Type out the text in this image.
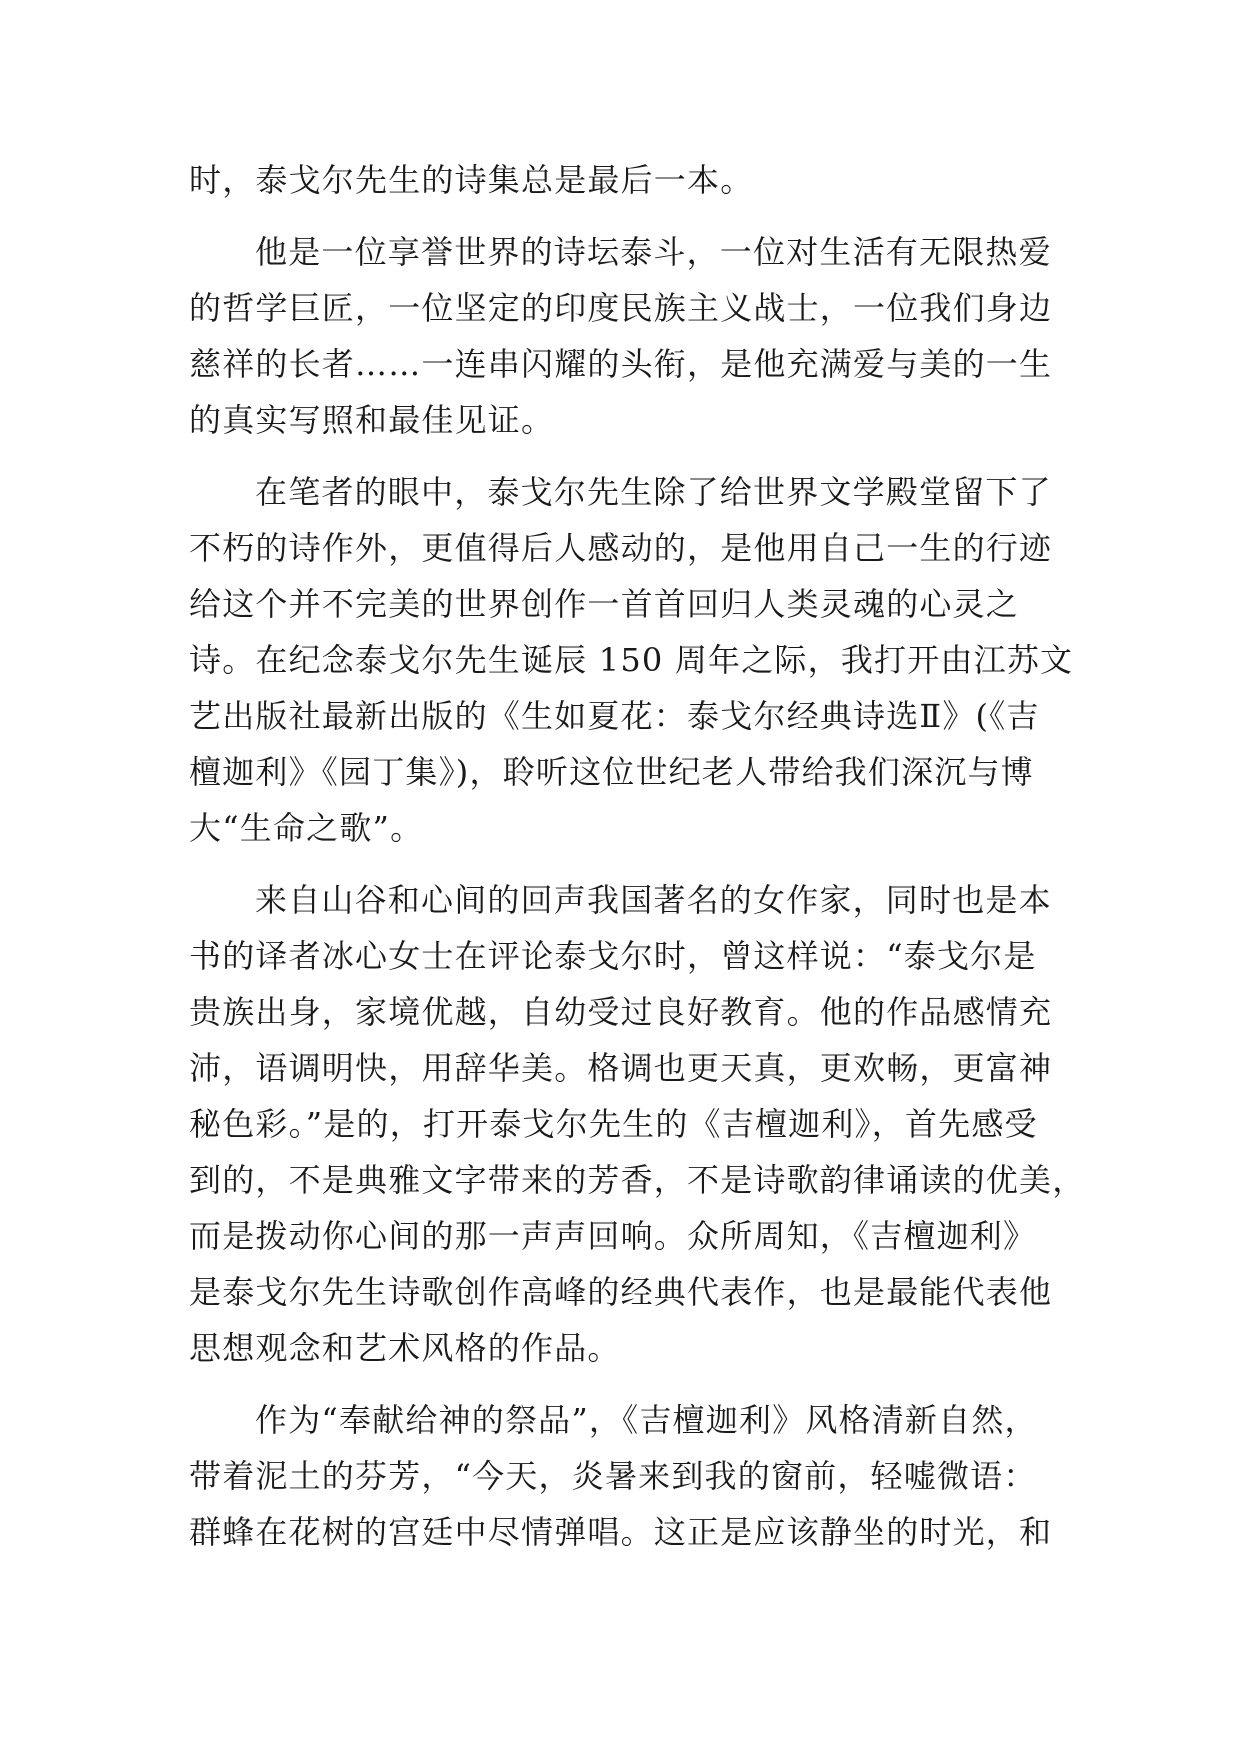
时，泰戈尔先生的诗集总是最后一本。
他是一位享誉世界的诗坛泰斗，一位对生活有无限热爱
的哲学巨匠，一位坚定的印度民族主义战士，一位我们身边
慈祥的长者……一连串闪耀的头衔，是他充满爱与美的一生
的真实写照和最佳见证。
在笔者的眼中，泰戈尔先生除了给世界文学殿堂留下了
不朽的诗作外，更值得后人感动的，是他用自己一生的行迹
给这个并不完美的世界创作一首首回归人类灵魂的心灵之
诗。在纪念泰戈尔先生诞辰 150 周年之际，我打开由江苏文
艺出版社最新出版的《生如夏花：泰戈尔经典诗选Ⅱ》(《吉
檀迦利》《园丁集》)，聆听这位世纪老人带给我们深沉与博
大“生命之歌”。
来自山谷和心间的回声我国著名的女作家，同时也是本
书的译者冰心女士在评论泰戈尔时，曾这样说：“泰戈尔是
贵族出身，家境优越，自幼受过良好教育。他的作品感情充
沛，语调明快，用辞华美。格调也更天真，更欢畅，更富神
秘色彩。”是的，打开泰戈尔先生的《吉檀迦利》，首先感受
到的，不是典雅文字带来的芳香，不是诗歌韵律诵读的优美，
而是拨动你心间的那一声声回响。众所周知，《吉檀迦利》
是泰戈尔先生诗歌创作高峰的经典代表作，也是最能代表他
思想观念和艺术风格的作品。
作为“奉献给神的祭品”，《吉檀迦利》风格清新自然，
带着泥土的芬芳，“今天，炎暑来到我的窗前，轻嘘微语：
群蜂在花树的宫廷中尽情弹唱。这正是应该静坐的时光，和
